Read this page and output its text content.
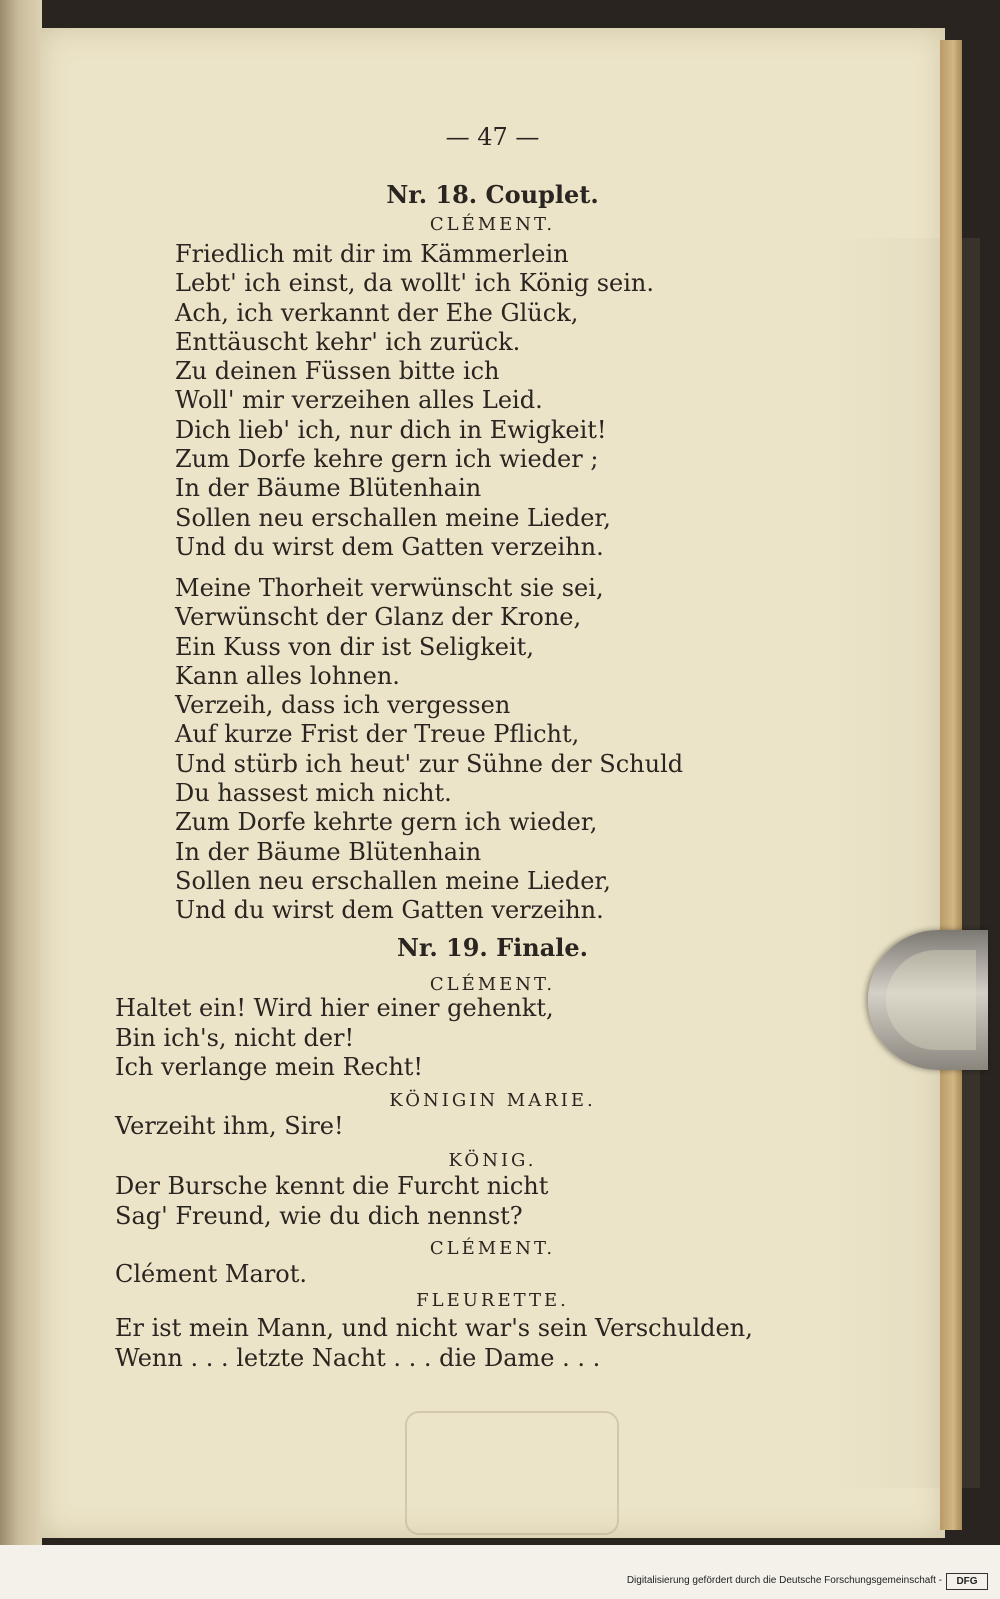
— 47 —
Nr. 18. Couplet.
CLÉMENT.
Friedlich mit dir im Kämmerlein
Lebt' ich einst, da wollt' ich König sein.
Ach, ich verkannt der Ehe Glück,
Enttäuscht kehr' ich zurück.
Zu deinen Füssen bitte ich
Woll' mir verzeihen alles Leid.
Dich lieb' ich, nur dich in Ewigkeit!
Zum Dorfe kehre gern ich wieder ;
In der Bäume Blütenhain
Sollen neu erschallen meine Lieder,
Und du wirst dem Gatten verzeihn.
Meine Thorheit verwünscht sie sei,
Verwünscht der Glanz der Krone,
Ein Kuss von dir ist Seligkeit,
Kann alles lohnen.
Verzeih, dass ich vergessen
Auf kurze Frist der Treue Pflicht,
Und stürb ich heut' zur Sühne der Schuld
Du hassest mich nicht.
Zum Dorfe kehrte gern ich wieder,
In der Bäume Blütenhain
Sollen neu erschallen meine Lieder,
Und du wirst dem Gatten verzeihn.
Nr. 19. Finale.
CLÉMENT.
Haltet ein! Wird hier einer gehenkt,
Bin ich's, nicht der!
Ich verlange mein Recht!
KÖNIGIN MARIE.
Verzeiht ihm, Sire!
KÖNIG.
Der Bursche kennt die Furcht nicht
Sag' Freund, wie du dich nennst?
CLÉMENT.
Clément Marot.
FLEURETTE.
Er ist mein Mann, und nicht war's sein Verschulden,
Wenn . . . letzte Nacht . . . die Dame . . .
Digitalisierung gefördert durch die Deutsche Forschungsgemeinschaft -	DFG
